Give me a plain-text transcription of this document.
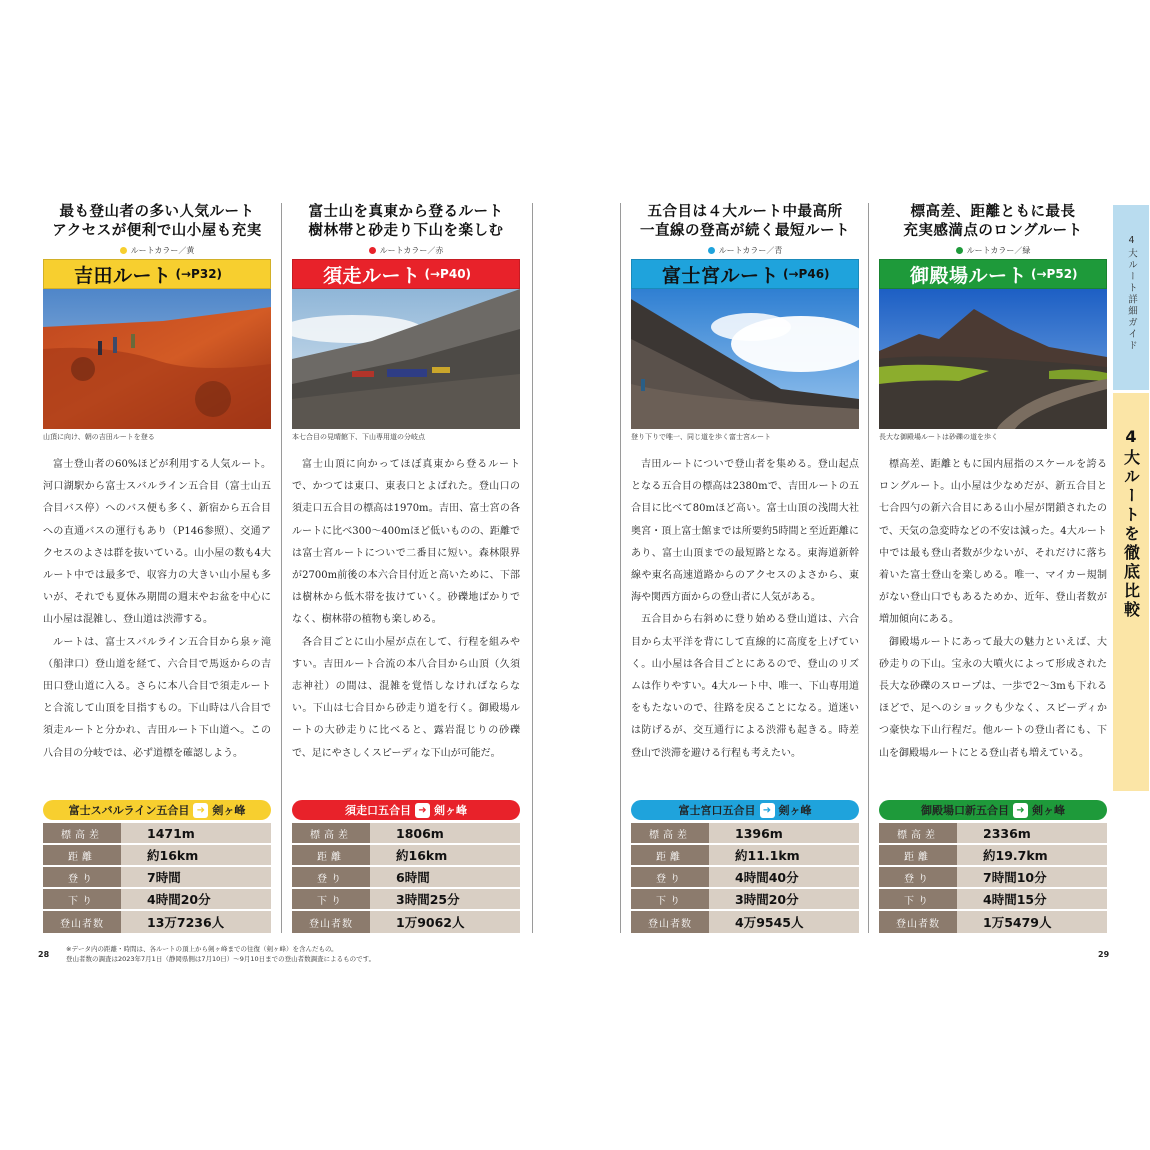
最も登山者の多い人気ルート
アクセスが便利で山小屋も充実
ルートカラー／黄
吉田ルート (→P32)
山頂に向け、朝の吉田ルートを登る

富士登山者の60%ほどが利用する人気ルート。河口湖駅から富士スバルライン五合目（富士山五合目バス停）へのバス便も多く、新宿から五合目への直通バスの運行もあり（P146参照）、交通アクセスのよさは群を抜いている。山小屋の数も4大ルート中では最多で、収容力の大きい山小屋も多いが、それでも夏休み期間の週末やお盆を中心に山小屋は混雑し、登山道は渋滞する。

ルートは、富士スバルライン五合目から泉ヶ滝（船津口）登山道を経て、六合目で馬返からの吉田口登山道に入る。さらに本八合目で須走ルートと合流して山頂を目指すもの。下山時は八合目で須走ルートと分かれ、吉田ルート下山道へ。この八合目の分岐では、必ず道標を確認しよう。

富士スバルライン五合目 ➜ 剣ヶ峰
標高差	1471m
距離	約16km
登り	7時間
下り	4時間20分
登山者数	13万7236人
富士山を真東から登るルート
樹林帯と砂走り下山を楽しむ
ルートカラー／赤
須走ルート (→P40)
本七合目の見晴館下、下山専用道の分岐点

富士山頂に向かってほぼ真東から登るルートで、かつては東口、東表口とよばれた。登山口の須走口五合目の標高は1970m。吉田、富士宮の各ルートに比べ300〜400mほど低いものの、距離では富士宮ルートについで二番目に短い。森林限界が2700m前後の本六合目付近と高いために、下部は樹林から低木帯を抜けていく。砂礫地ばかりでなく、樹林帯の植物も楽しめる。

各合目ごとに山小屋が点在して、行程を組みやすい。吉田ルート合流の本八合目から山頂（久須志神社）の間は、混雑を覚悟しなければならない。下山は七合目から砂走り道を行く。御殿場ルートの大砂走りに比べると、露岩混じりの砂礫で、足にやさしくスピーディな下山が可能だ。

須走口五合目 ➜ 剣ヶ峰
標高差	1806m
距離	約16km
登り	6時間
下り	3時間25分
登山者数	1万9062人
五合目は４大ルート中最高所
一直線の登高が続く最短ルート
ルートカラー／青
富士宮ルート (→P46)
登り下りで唯一、同じ道を歩く富士宮ルート

吉田ルートについで登山者を集める。登山起点となる五合目の標高は2380mで、吉田ルートの五合目に比べて80mほど高い。富士山頂の浅間大社奥宮・頂上富士館までは所要約5時間と至近距離にあり、富士山頂までの最短路となる。東海道新幹線や東名高速道路からのアクセスのよさから、東海や関西方面からの登山者に人気がある。

五合目から右斜めに登り始める登山道は、六合目から太平洋を背にして直線的に高度を上げていく。山小屋は各合目ごとにあるので、登山のリズムは作りやすい。4大ルート中、唯一、下山専用道をもたないので、往路を戻ることになる。道迷いは防げるが、交互通行による渋滞も起きる。時差登山で渋滞を避ける行程も考えたい。

富士宮口五合目 ➜ 剣ヶ峰
標高差	1396m
距離	約11.1km
登り	4時間40分
下り	3時間20分
登山者数	4万9545人
標高差、距離ともに最長
充実感満点のロングルート
ルートカラー／緑
御殿場ルート (→P52)
長大な御殿場ルートは砂礫の道を歩く

標高差、距離ともに国内屈指のスケールを誇るロングルート。山小屋は少なめだが、新五合目と七合四勺の新六合目にある山小屋が閉鎖されたので、天気の急変時などの不安は減った。4大ルート中では最も登山者数が少ないが、それだけに落ち着いた富士登山を楽しめる。唯一、マイカー規制がない登山口でもあるためか、近年、登山者数が増加傾向にある。

御殿場ルートにあって最大の魅力といえば、大砂走りの下山。宝永の大噴火によって形成された長大な砂礫のスロープは、一歩で2〜3mも下れるほどで、足へのショックも少なく、スピーディかつ豪快な下山行程だ。他ルートの登山者にも、下山を御殿場ルートにとる登山者も増えている。

御殿場口新五合目 ➜ 剣ヶ峰
標高差	2336m
距離	約19.7km
登り	7時間10分
下り	4時間15分
登山者数	1万5479人
4大ルート詳細ガイド
4大ルートを徹底比較
28	29
※データ内の距離・時間は、各ルートの頂上から剣ヶ峰までの往復（剣ヶ峰）を含んだもの。
登山者数の調査は2023年7月1日（静岡県側は7月10日）〜9月10日までの登山者数調査によるものです。
